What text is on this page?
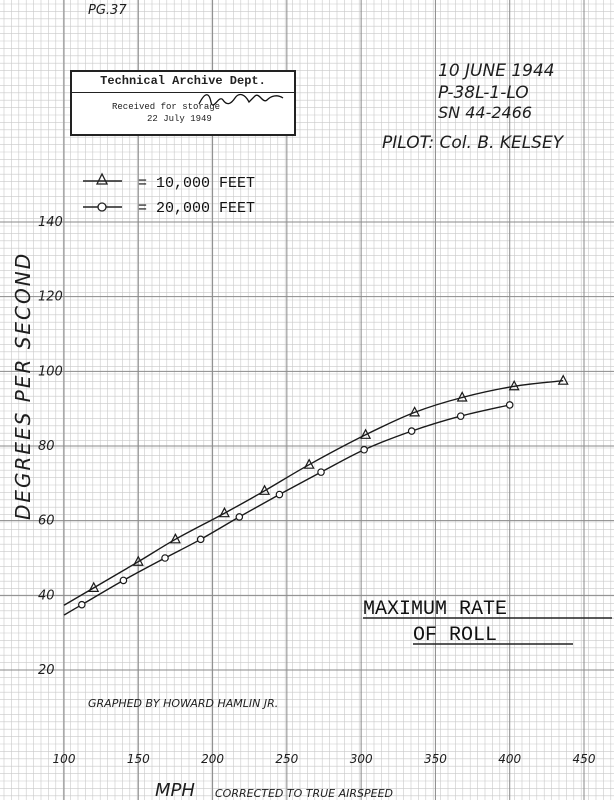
100	150	200	250	300	350	400	450
20
40
60
80
100
120
140
PG.37
10 JUNE 1944
P-38L-1-LO
SN 44-2466
PILOT: Col. B. KELSEY
= 10,000 FEET
= 20,000 FEET
DEGREES PER SECOND
MAXIMUM RATE
OF ROLL
GRAPHED BY HOWARD HAMLIN JR.
MPH CORRECTED TO TRUE AIRSPEED
Technical Archive Dept.
Received for storage
22 July 1949
